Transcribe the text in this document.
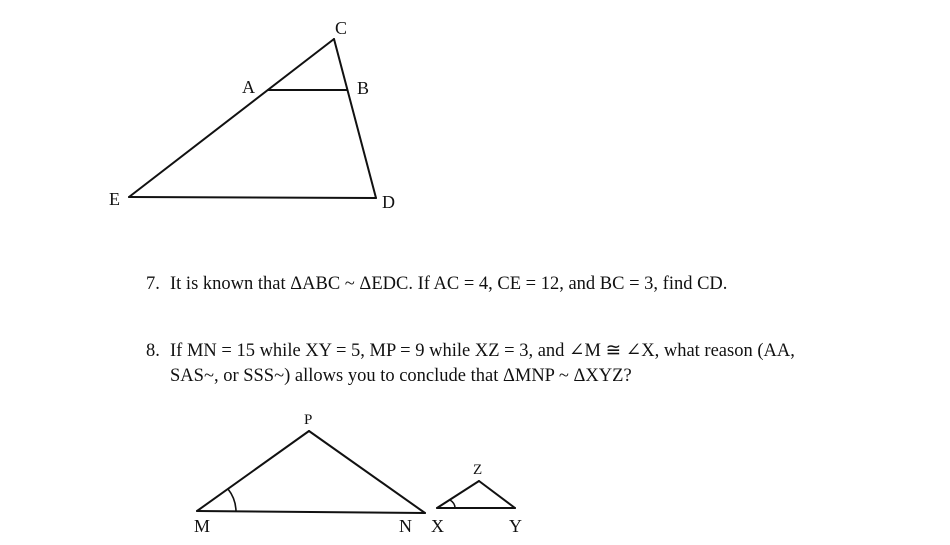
C
A	B
E	D
P
M	N
Z
X	Y
7. It is known that ΔABC ~ ΔEDC. If AC = 4, CE = 12, and BC = 3, find CD.
8. If MN = 15 while XY = 5, MP = 9 while XZ = 3, and ∠M ≅ ∠X, what reason (AA,
SAS~, or SSS~) allows you to conclude that ΔMNP ~ ΔXYZ?
